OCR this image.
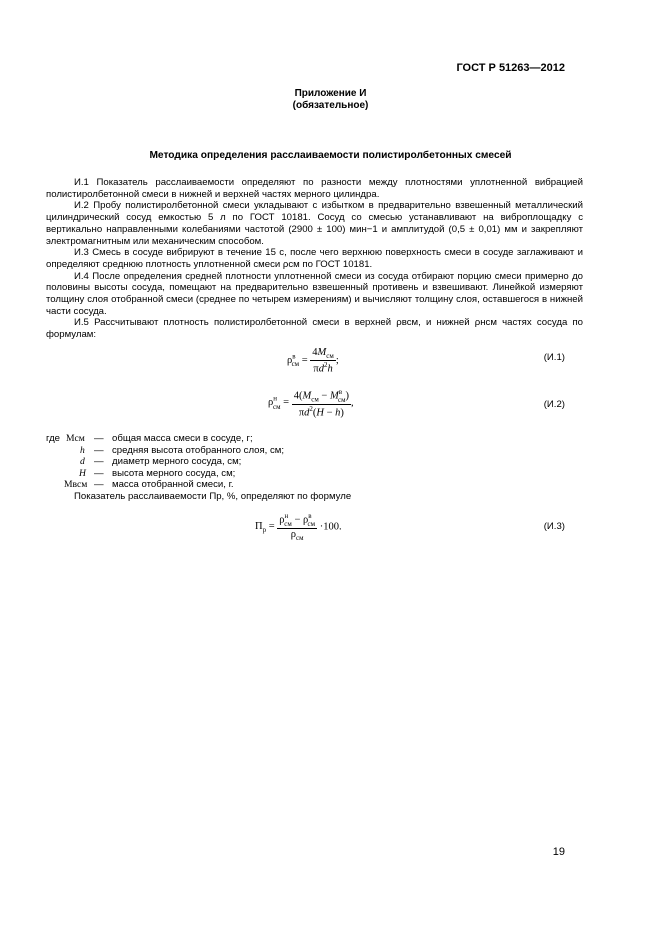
ГОСТ Р 51263—2012
Приложение И
(обязательное)
Методика определения расслаиваемости полистиролбетонных смесей

И.1 Показатель расслаиваемости определяют по разности между плотностями уплотненной вибрацией полистиролбетонной смеси в нижней и верхней частях мерного цилиндра.

И.2 Пробу полистиролбетонной смеси укладывают с избытком в предварительно взвешенный металлический цилиндрический сосуд емкостью 5 л по ГОСТ 10181. Сосуд со смесью устанавливают на виброплощадку с вертикально направленными колебаниями частотой (2900 ± 100) мин−1 и амплитудой (0,5 ± 0,01) мм и закрепляют электромагнитным или механическим способом.

И.3 Смесь в сосуде вибрируют в течение 15 с, после чего верхнюю поверхность смеси в сосуде заглаживают и определяют среднюю плотность уплотненной смеси ρсм по ГОСТ 10181.

И.4 После определения средней плотности уплотненной смеси из сосуда отбирают порцию смеси примерно до половины высоты сосуда, помещают на предварительно взвешенный противень и взвешивают. Линейкой измеряют толщину слоя отобранной смеси (среднее по четырем измерениям) и вычисляют толщину слоя, оставшегося в нижней части сосуда.

И.5 Рассчитывают плотность полистиролбетонной смеси в верхней ρвсм, и нижней ρнсм частях сосуда по формулам:

$\rho^в_{см} = \frac{4M_{см}}{\pi d^2h}$ ;	(И.1)
$\rho^н_{см} = \frac{4(M_{см} - M^в_{см})}{\pi d^2(H - h)}$ ,	(И.2)
где Mсм — общая масса смеси в сосуде, г;
h — средняя высота отобранного слоя, см;
d — диаметр мерного сосуда, см;
H — высота мерного сосуда, см;
Mвсм — масса отобранной смеси, г.
Показатель расслаиваемости Пр, %, определяют по формуле
$П_р = \frac{\rho^н_{см} - \rho^в_{см}}{\rho_{см}} \cdot 100$.	(И.3)
19
